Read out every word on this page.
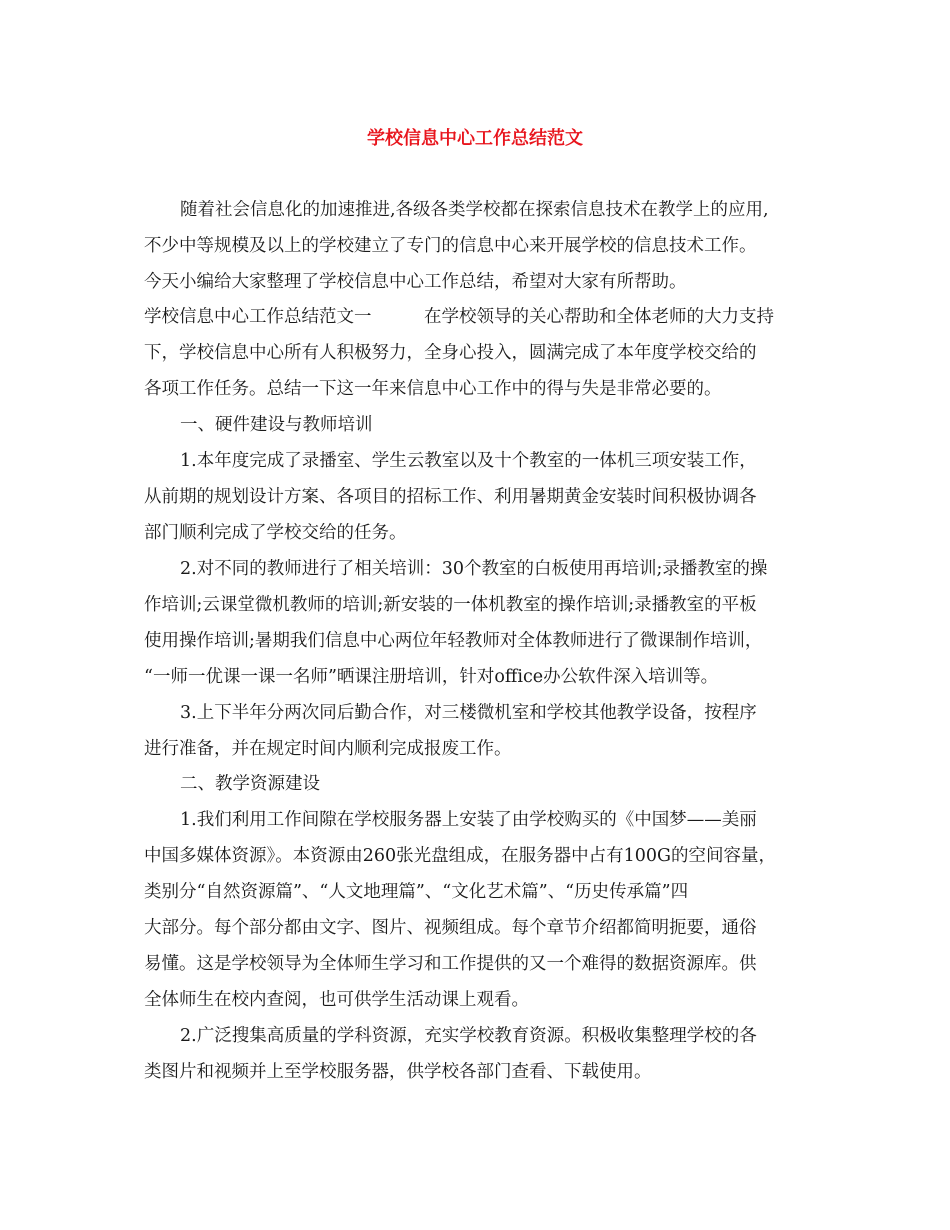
学校信息中心工作总结范文
随着社会信息化的加速推进,各级各类学校都在探索信息技术在教学上的应用,
不少中等规模及以上的学校建立了专门的信息中心来开展学校的信息技术工作。
今天小编给大家整理了学校信息中心工作总结，希望对大家有所帮助。
学校信息中心工作总结范文一　　　在学校领导的关心帮助和全体老师的大力支持
下，学校信息中心所有人积极努力，全身心投入，圆满完成了本年度学校交给的
各项工作任务。总结一下这一年来信息中心工作中的得与失是非常必要的。
一、硬件建设与教师培训
1.本年度完成了录播室、学生云教室以及十个教室的一体机三项安装工作，
从前期的规划设计方案、各项目的招标工作、利用暑期黄金安装时间积极协调各
部门顺利完成了学校交给的任务。
2.对不同的教师进行了相关培训：30个教室的白板使用再培训;录播教室的操
作培训;云课堂微机教师的培训;新安装的一体机教室的操作培训;录播教室的平板
使用操作培训;暑期我们信息中心两位年轻教师对全体教师进行了微课制作培训，
“一师一优课一课一名师”晒课注册培训，针对office办公软件深入培训等。
3.上下半年分两次同后勤合作，对三楼微机室和学校其他教学设备，按程序
进行准备，并在规定时间内顺利完成报废工作。
二、教学资源建设
1.我们利用工作间隙在学校服务器上安装了由学校购买的《中国梦——美丽
中国多媒体资源》。本资源由260张光盘组成，在服务器中占有100G的空间容量，
类别分“自然资源篇”、“人文地理篇”、“文化艺术篇”、“历史传承篇”四
大部分。每个部分都由文字、图片、视频组成。每个章节介绍都简明扼要，通俗
易懂。这是学校领导为全体师生学习和工作提供的又一个难得的数据资源库。供
全体师生在校内查阅，也可供学生活动课上观看。
2.广泛搜集高质量的学科资源，充实学校教育资源。积极收集整理学校的各
类图片和视频并上至学校服务器，供学校各部门查看、下载使用。
